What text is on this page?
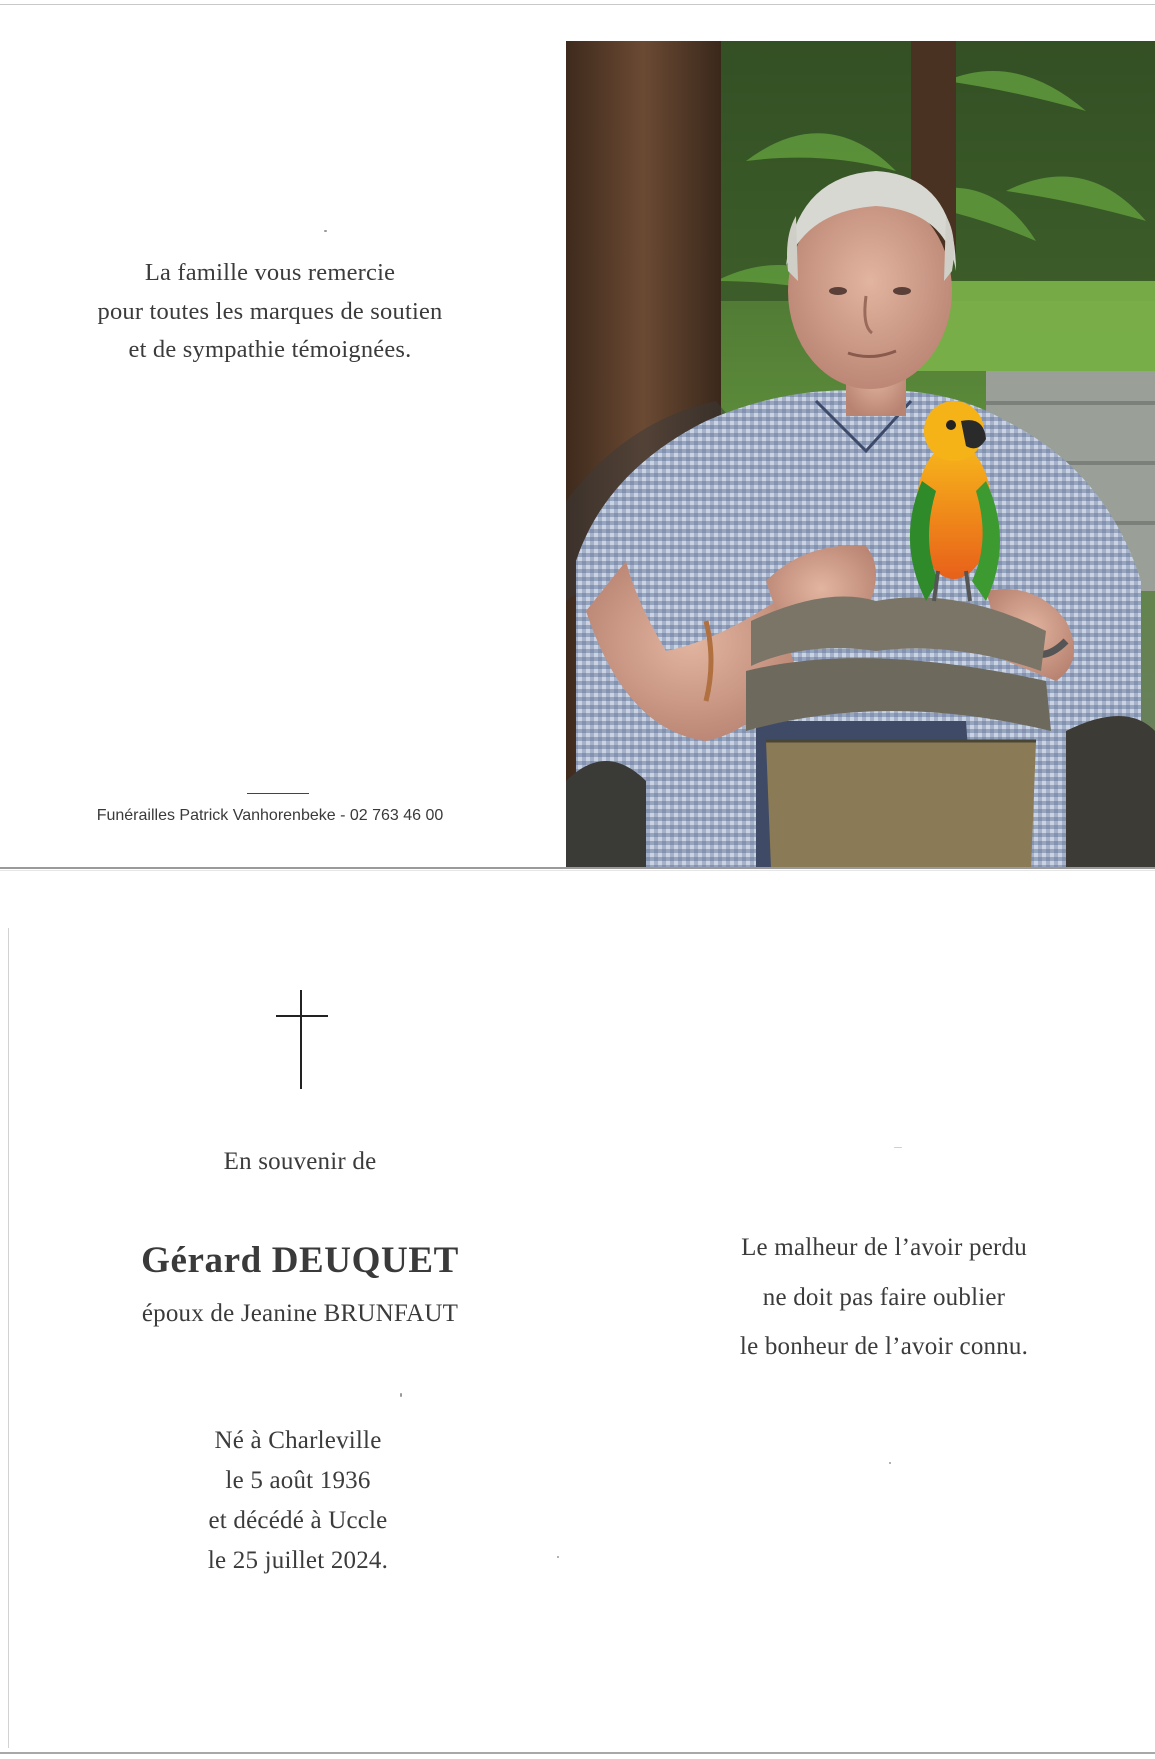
La famille vous remercie
pour toutes les marques de soutien
et de sympathie témoignées.
Funérailles Patrick Vanhorenbeke - 02 763 46 00
En souvenir de
Gérard DEUQUET
époux de Jeanine BRUNFAUT
Né à Charleville
le 5 août 1936
et décédé à Uccle
le 25 juillet 2024.
Le malheur de l’avoir perdu
ne doit pas faire oublier
le bonheur de l’avoir connu.
